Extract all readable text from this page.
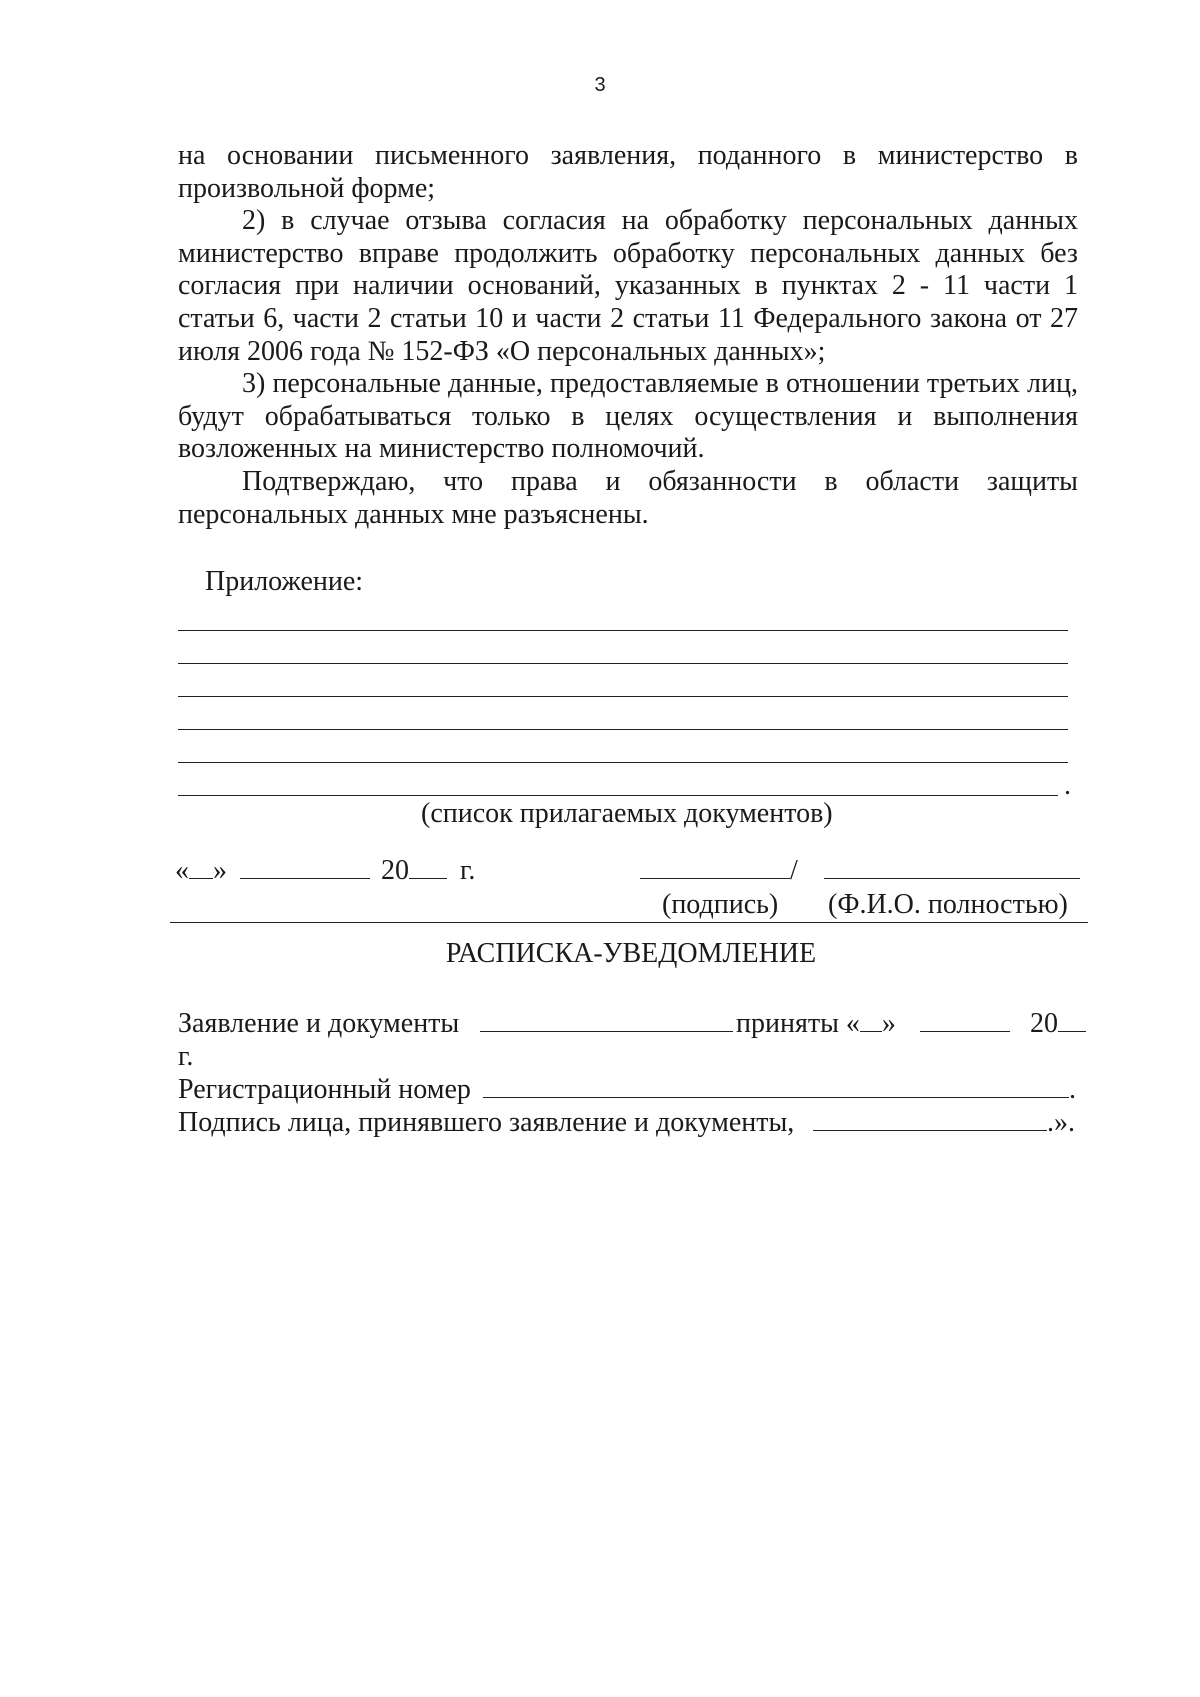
3

на основании письменного заявления, поданного в министерство в произвольной форме;

2) в случае отзыва согласия на обработку персональных данных министерство вправе продолжить обработку персональных данных без согласия при наличии оснований, указанных в пунктах 2 - 11 части 1 статьи 6, части 2 статьи 10 и части 2 статьи 11 Федерального закона от 27 июля 2006 года № 152-ФЗ «О персональных данных»;

3) персональные данные, предоставляемые в отношении третьих лиц, будут обрабатываться только в целях осуществления и выполнения возложенных на министерство полномочий.

Подтверждаю, что права и обязанности в области защиты персональных данных мне разъяснены.

Приложение:
.
(список прилагаемых документов)
« »	20 г.	/
(подпись) (Ф.И.О. полностью)
РАСПИСКА-УВЕДОМЛЕНИЕ
Заявление и документы	приняты « »	20
г.
Регистрационный номер	.
Подпись лица, принявшего заявление и документы,	.».
